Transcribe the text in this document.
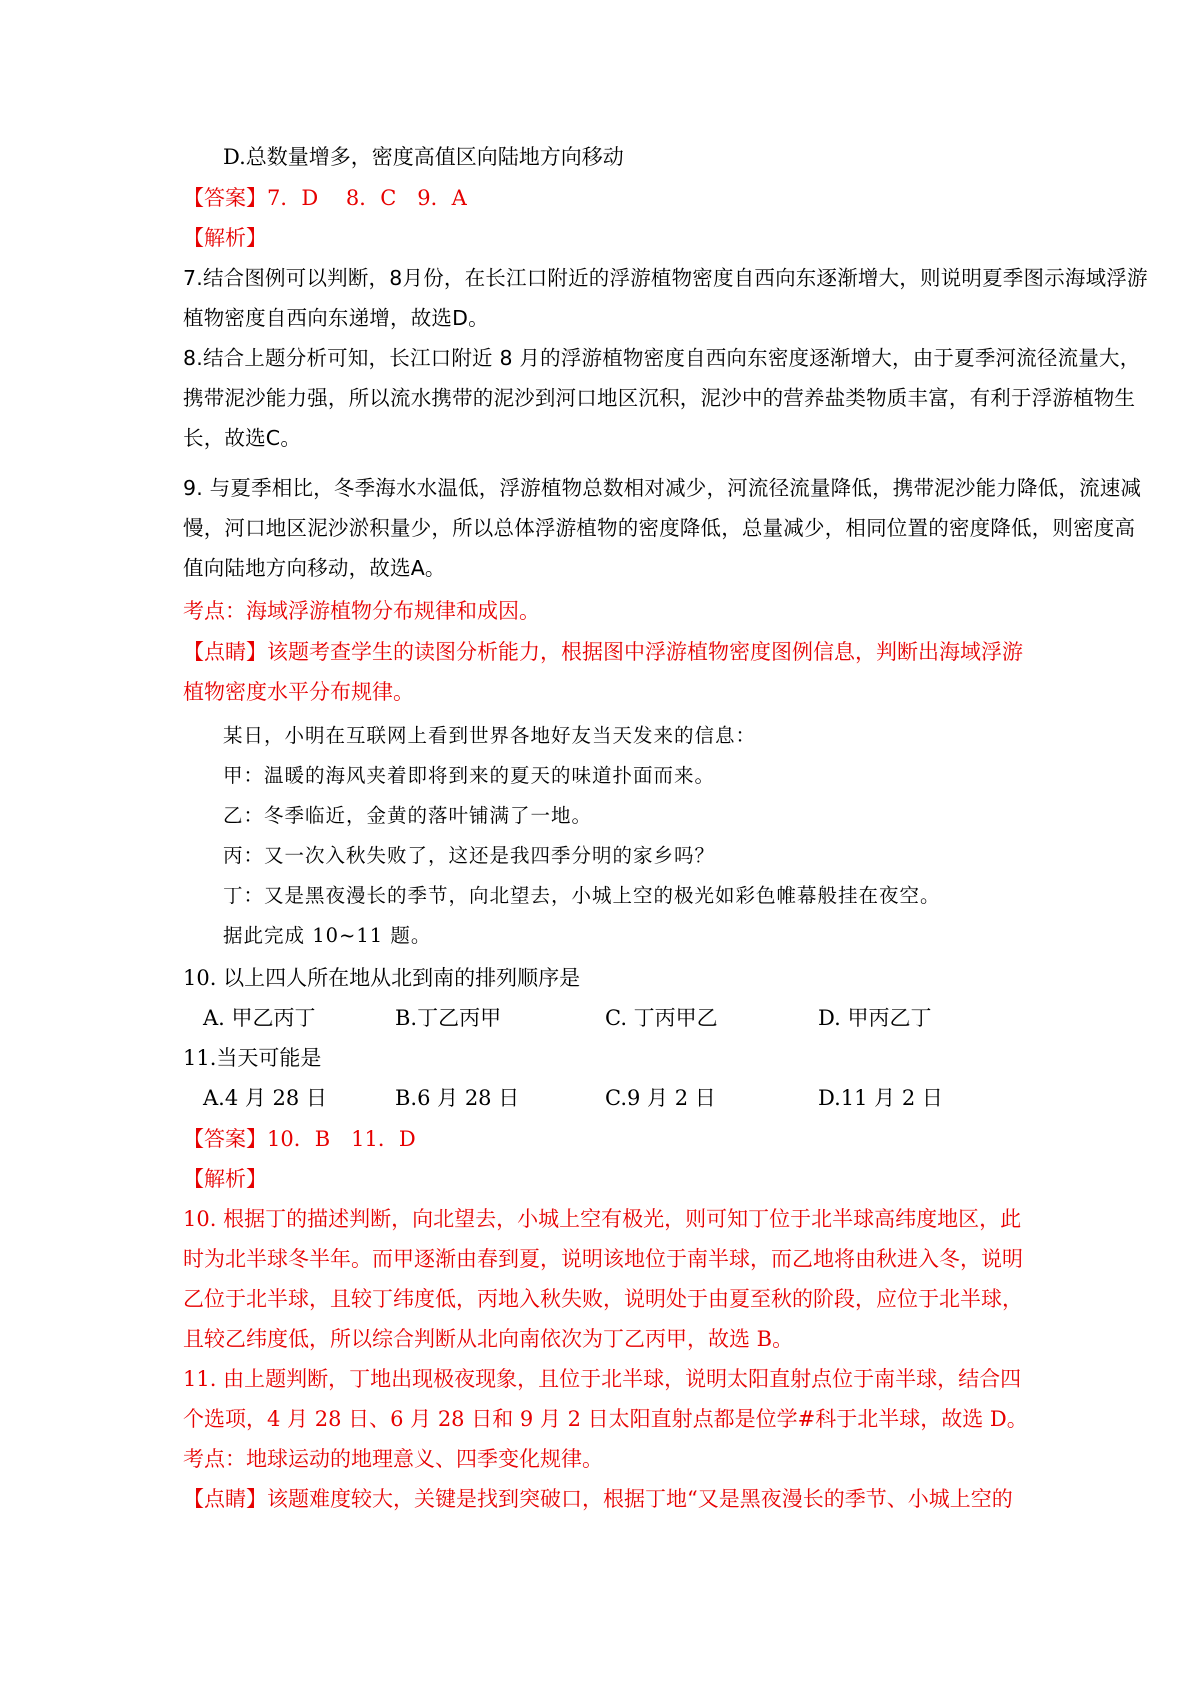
D.总数量增多，密度高值区向陆地方向移动
【答案】7．D　 8．C　9．A
【解析】
7.结合图例可以判断，8月份，在长江口附近的浮游植物密度自西向东逐渐增大，则说明夏季图示海域浮游
植物密度自西向东递增，故选D。
8.结合上题分析可知，长江口附近 8 月的浮游植物密度自西向东密度逐渐增大，由于夏季河流径流量大，
携带泥沙能力强，所以流水携带的泥沙到河口地区沉积，泥沙中的营养盐类物质丰富，有利于浮游植物生
长，故选C。
9. 与夏季相比，冬季海水水温低，浮游植物总数相对减少，河流径流量降低，携带泥沙能力降低，流速减
慢，河口地区泥沙淤积量少，所以总体浮游植物的密度降低，总量减少，相同位置的密度降低，则密度高
值向陆地方向移动，故选A。
考点：海域浮游植物分布规律和成因。
【点睛】该题考查学生的读图分析能力，根据图中浮游植物密度图例信息，判断出海域浮游
植物密度水平分布规律。
某日，小明在互联网上看到世界各地好友当天发来的信息：
甲：温暖的海风夹着即将到来的夏天的味道扑面而来。
乙：冬季临近，金黄的落叶铺满了一地。
丙：又一次入秋失败了，这还是我四季分明的家乡吗？
丁：又是黑夜漫长的季节，向北望去，小城上空的极光如彩色帷幕般挂在夜空。
据此完成 10~11 题。
10. 以上四人所在地从北到南的排列顺序是
A. 甲乙丙丁	B.丁乙丙甲	C. 丁丙甲乙	D. 甲丙乙丁
11.当天可能是
A.4 月 28 日	B.6 月 28 日	C.9 月 2 日	D.11 月 2 日
【答案】10．B　11．D
【解析】
10. 根据丁的描述判断，向北望去，小城上空有极光，则可知丁位于北半球高纬度地区，此
时为北半球冬半年。而甲逐渐由春到夏，说明该地位于南半球，而乙地将由秋进入冬，说明
乙位于北半球，且较丁纬度低，丙地入秋失败，说明处于由夏至秋的阶段，应位于北半球，
且较乙纬度低，所以综合判断从北向南依次为丁乙丙甲，故选 B。
11. 由上题判断，丁地出现极夜现象，且位于北半球，说明太阳直射点位于南半球，结合四
个选项，4 月 28 日、6 月 28 日和 9 月 2 日太阳直射点都是位学#科于北半球，故选 D。
考点：地球运动的地理意义、四季变化规律。
【点睛】该题难度较大，关键是找到突破口，根据丁地“又是黑夜漫长的季节、小城上空的
